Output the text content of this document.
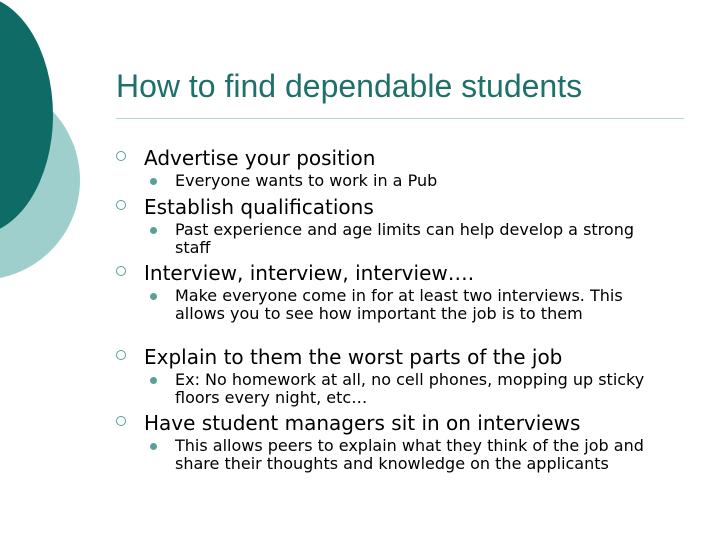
How to find dependable students
Advertise your position
Everyone wants to work in a Pub
Establish qualifications
Past experience and age limits can help develop a strong staff
Interview, interview, interview….
Make everyone come in for at least two interviews. This allows you to see how important the job is to them
Explain to them the worst parts of the job
Ex: No homework at all, no cell phones, mopping up sticky floors every night, etc…
Have student managers sit in on interviews
This allows peers to explain what they think of the job and share their thoughts and knowledge on the applicants
